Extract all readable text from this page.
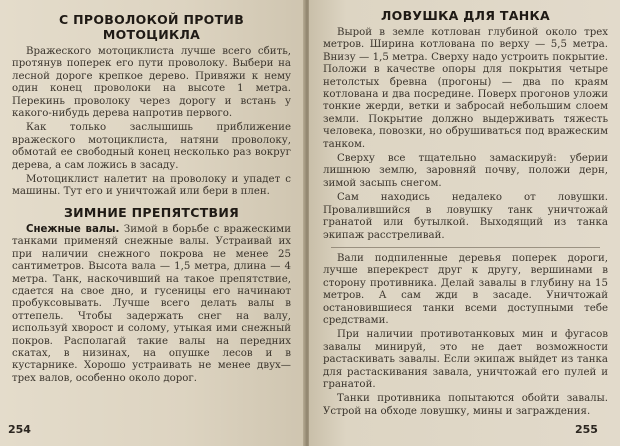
С ПРОВОЛОКОЙ ПРОТИВ МОТОЦИКЛА

Вражеского мотоциклиста лучше всего сбить, протянув поперек его пути проволоку. Выбери на лесной дороге крепкое дерево. Привяжи к нему один конец проволоки на высоте 1 метра. Перекинь проволоку через дорогу и встань у какого-нибудь дерева напротив первого.

Как только заслышишь приближение вражеского мотоциклиста, натяни проволоку, обмотай ее свободный конец несколько раз вокруг дерева, а сам ложись в засаду.

Мотоциклист налетит на проволоку и упадет с машины. Тут его и уничтожай или бери в плен.

ЗИМНИЕ ПРЕПЯТСТВИЯ

Снежные валы. Зимой в борьбе с вражескими танками применяй снежные валы. Устраивай их при наличии снежного покрова не менее 25 сантиметров. Высота вала — 1,5 метра, длина — 4 метра. Танк, наскочивший на такое препятствие, сдается на свое дно, и гусеницы его начинают пробуксовывать. Лучше всего делать валы в оттепель. Чтобы задержать снег на валу, используй хворост и солому, утыкая ими снежный покров. Располагай такие валы на передних скатах, в низинах, на опушке лесов и в кустарнике. Хорошо устраивать не менее двух—трех валов, особенно около дорог.

254
ЛОВУШКА ДЛЯ ТАНКА

Вырой в земле котлован глубиной около трех метров. Ширина котлована по верху — 5,5 метра. Внизу — 1,5 метра. Сверху надо устроить покрытие. Положи в качестве опоры для покрытия четыре нетолстых бревна (прогоны) — два по краям котлована и два посредине. Поверх прогонов уложи тонкие жерди, ветки и забросай небольшим слоем земли. Покрытие должно выдерживать тяжесть человека, повозки, но обрушиваться под вражеским танком.

Сверху все тщательно замаскируй: уберии лишнюю землю, заровняй почву, положи дерн, зимой засыпь снегом.

Сам находись недалеко от ловушки. Провалившийся в ловушку танк уничтожай гранатой или бутылкой. Выходящий из танка экипаж расстреливай.

Вали подпиленные деревья поперек дороги, лучше вперекрест друг к другу, вершинами в сторону противника. Делай завалы в глубину на 15 метров. А сам жди в засаде. Уничтожай остановившиеся танки всеми доступными тебе средствами.

При наличии противотанковых мин и фугасов завалы минируй, это не дает возможности растаскивать завалы. Если экипаж выйдет из танка для растаскивания завала, уничтожай его пулей и гранатой.

Танки противника попытаются обойти завалы. Устрой на обходе ловушку, мины и заграждения.

255
